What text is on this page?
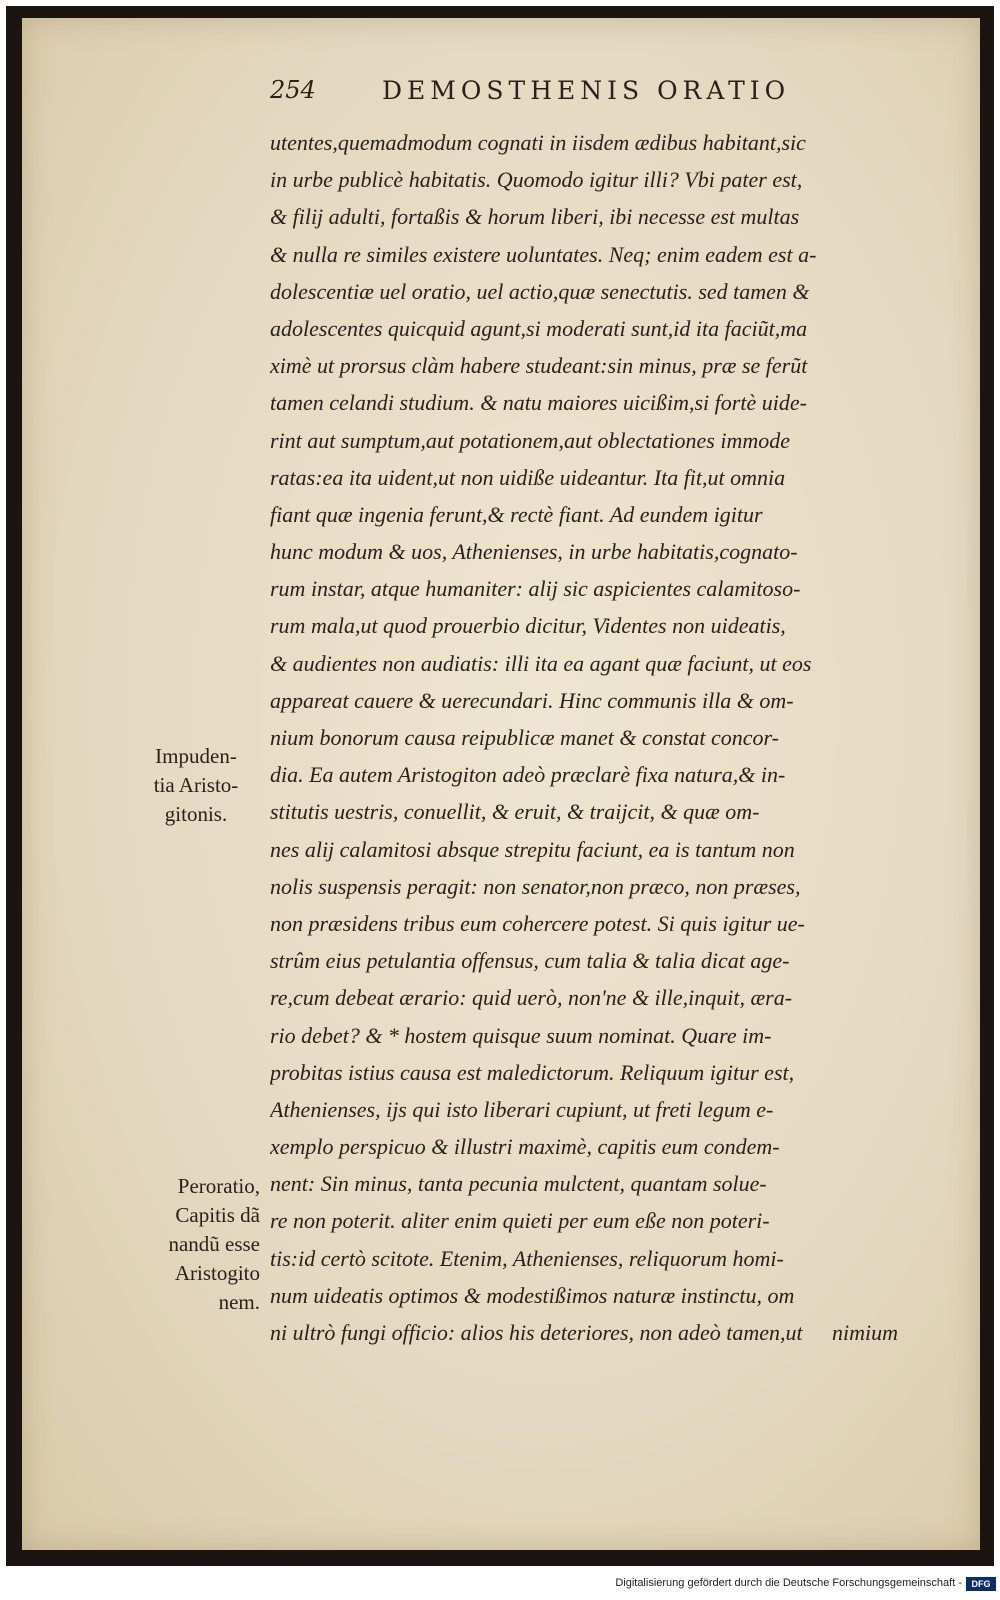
254	DEMOSTHENIS ORATIO
utentes,quemadmodum cognati in iisdem ædibus habitant,sic
in urbe publicè habitatis. Quomodo igitur illi? Vbi pater est,
& filij adulti, fortaßis & horum liberi, ibi necesse est multas
& nulla re similes existere uoluntates. Neq; enim eadem est a-
dolescentiæ uel oratio, uel actio,quæ senectutis. sed tamen &
adolescentes quicquid agunt,si moderati sunt,id ita faciũt,ma
ximè ut prorsus clàm habere studeant:sin minus, præ se ferũt
tamen celandi studium. & natu maiores uicißim,si fortè uide-
rint aut sumptum,aut potationem,aut oblectationes immode
ratas:ea ita uident,ut non uidiße uideantur. Ita fit,ut omnia
fiant quæ ingenia ferunt,& rectè fiant. Ad eundem igitur
hunc modum & uos, Athenienses, in urbe habitatis,cognato-
rum instar, atque humaniter: alij sic aspicientes calamitoso-
rum mala,ut quod prouerbio dicitur, Videntes non uideatis,
& audientes non audiatis: illi ita ea agant quæ faciunt, ut eos
appareat cauere & uerecundari. Hinc communis illa & om-
nium bonorum causa reipublicæ manet & constat concor-
dia. Ea autem Aristogiton adeò præclarè fixa natura,& in-
stitutis uestris, conuellit, & eruit, & traijcit, & quæ om-
nes alij calamitosi absque strepitu faciunt, ea is tantum non
nolis suspensis peragit: non senator,non præco, non præses,
non præsidens tribus eum cohercere potest. Si quis igitur ue-
strûm eius petulantia offensus, cum talia & talia dicat age-
re,cum debeat ærario: quid uerò, non'ne & ille,inquit, æra-
rio debet? & * hostem quisque suum nominat. Quare im-
probitas istius causa est maledictorum. Reliquum igitur est,
Athenienses, ijs qui isto liberari cupiunt, ut freti legum e-
xemplo perspicuo & illustri maximè, capitis eum condem-
nent: Sin minus, tanta pecunia mulctent, quantam solue-
re non poterit. aliter enim quieti per eum eße non poteri-
tis:id certò scitote. Etenim, Athenienses, reliquorum homi-
num uideatis optimos & modestißimos naturæ instinctu, om
ni ultrò fungi officio: alios his deteriores, non adeò tamen,ut	nimium
Impuden-
tia Aristo-
gitonis.
Peroratio,
Capitis dã
nandũ esse
Aristogito
nem.
Digitalisierung gefördert durch die Deutsche Forschungsgemeinschaft -	DFG
